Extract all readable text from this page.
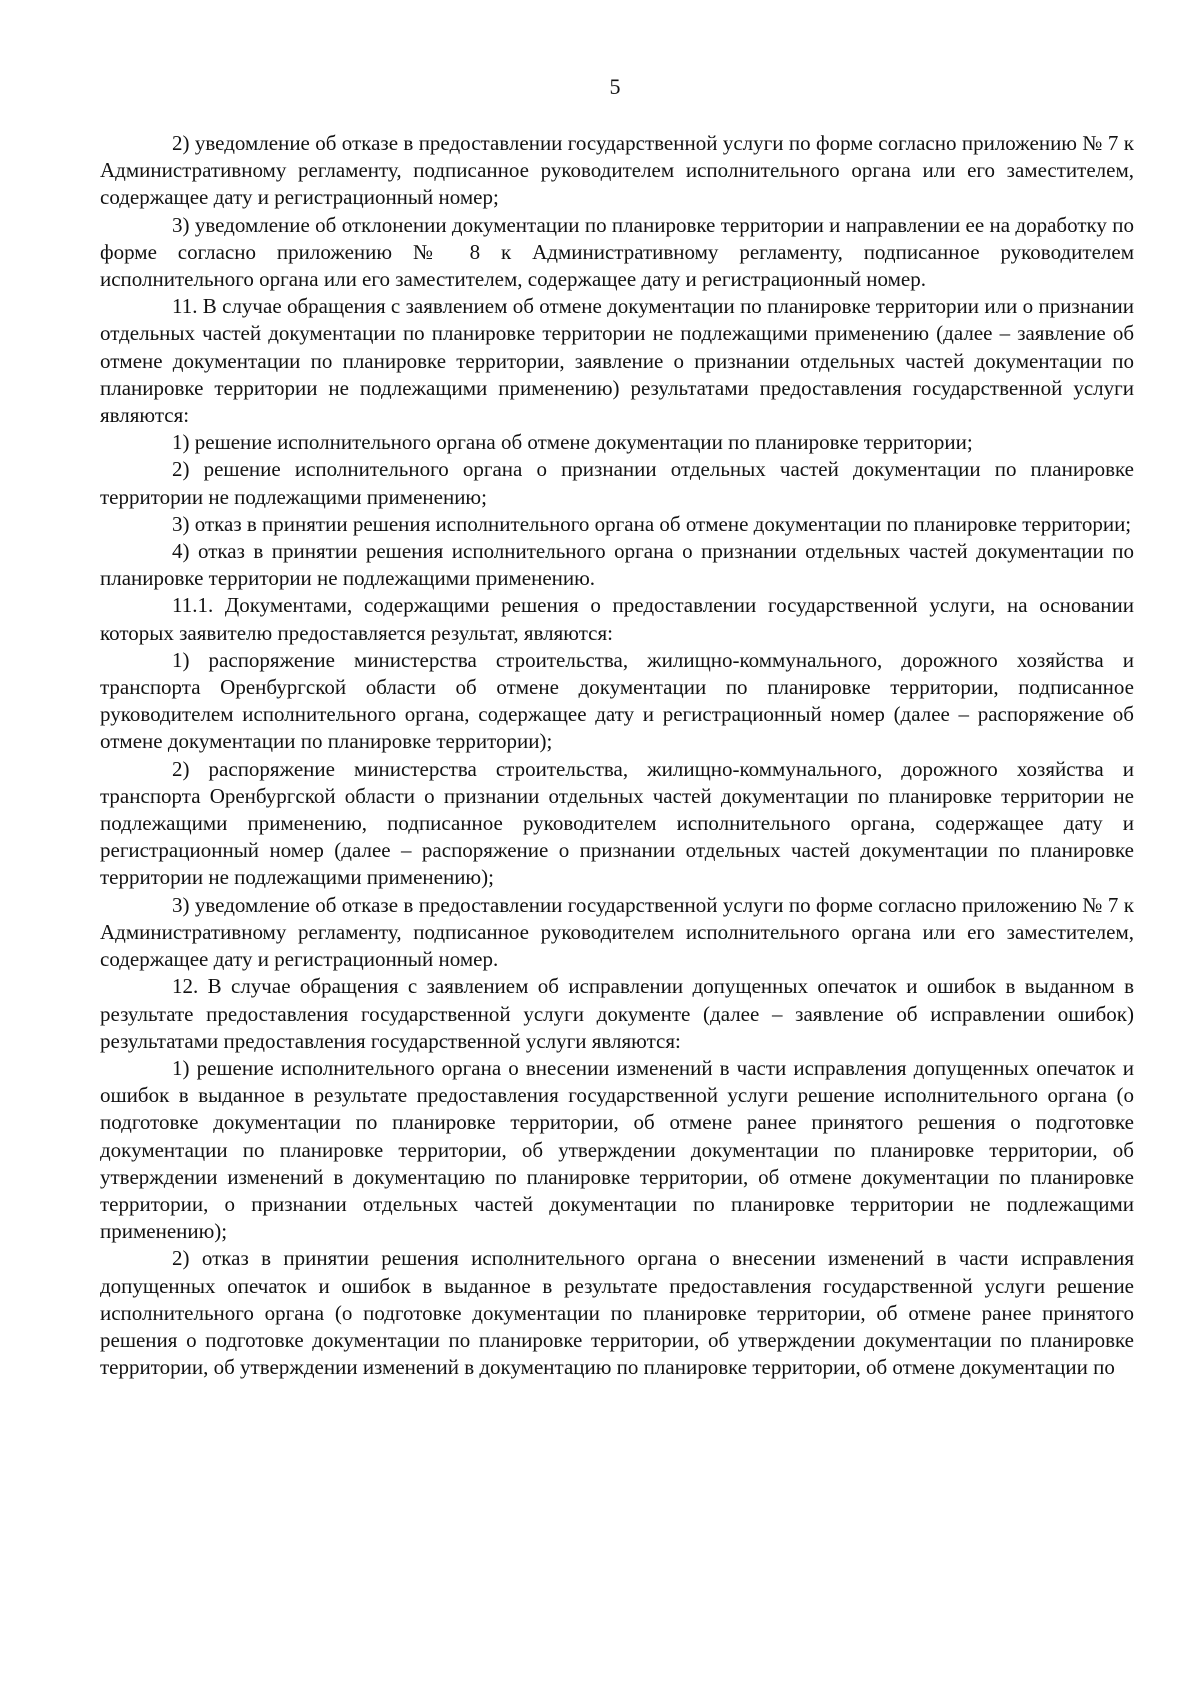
5

2) уведомление об отказе в предоставлении государственной услуги по форме согласно приложению № 7 к Административному регламенту, подписанное руководителем исполнительного органа или его заместителем, содержащее дату и регистрационный номер;

3) уведомление об отклонении документации по планировке территории и направлении ее на доработку по форме согласно приложению № 8 к Административному регламенту, подписанное руководителем исполнительного органа или его заместителем, содержащее дату и регистрационный номер.

11. В случае обращения с заявлением об отмене документации по планировке территории или о признании отдельных частей документации по планировке территории не подлежащими применению (далее – заявление об отмене документации по планировке территории, заявление о признании отдельных частей документации по планировке территории не подлежащими применению) результатами предоставления государственной услуги являются:

1) решение исполнительного органа об отмене документации по планировке территории;

2) решение исполнительного органа о признании отдельных частей документации по планировке территории не подлежащими применению;

3) отказ в принятии решения исполнительного органа об отмене документации по планировке территории;

4) отказ в принятии решения исполнительного органа о признании отдельных частей документации по планировке территории не подлежащими применению.

11.1. Документами, содержащими решения о предоставлении государственной услуги, на основании которых заявителю предоставляется результат, являются:

1) распоряжение министерства строительства, жилищно-коммунального, дорожного хозяйства и транспорта Оренбургской области об отмене документации по планировке территории, подписанное руководителем исполнительного органа, содержащее дату и регистрационный номер (далее – распоряжение об отмене документации по планировке территории);

2) распоряжение министерства строительства, жилищно-коммунального, дорожного хозяйства и транспорта Оренбургской области о признании отдельных частей документации по планировке территории не подлежащими применению, подписанное руководителем исполнительного органа, содержащее дату и регистрационный номер (далее – распоряжение о признании отдельных частей документации по планировке территории не подлежащими применению);

3) уведомление об отказе в предоставлении государственной услуги по форме согласно приложению № 7 к Административному регламенту, подписанное руководителем исполнительного органа или его заместителем, содержащее дату и регистрационный номер.

12. В случае обращения с заявлением об исправлении допущенных опечаток и ошибок в выданном в результате предоставления государственной услуги документе (далее – заявление об исправлении ошибок) результатами предоставления государственной услуги являются:

1) решение исполнительного органа о внесении изменений в части исправления допущенных опечаток и ошибок в выданное в результате предоставления государственной услуги решение исполнительного органа (о подготовке документации по планировке территории, об отмене ранее принятого решения о подготовке документации по планировке территории, об утверждении документации по планировке территории, об утверждении изменений в документацию по планировке территории, об отмене документации по планировке территории, о признании отдельных частей документации по планировке территории не подлежащими применению);

2) отказ в принятии решения исполнительного органа о внесении изменений в части исправления допущенных опечаток и ошибок в выданное в результате предоставления государственной услуги решение исполнительного органа (о подготовке документации по планировке территории, об отмене ранее принятого решения о подготовке документации по планировке территории, об утверждении документации по планировке территории, об утверждении изменений в документацию по планировке территории, об отмене документации по
